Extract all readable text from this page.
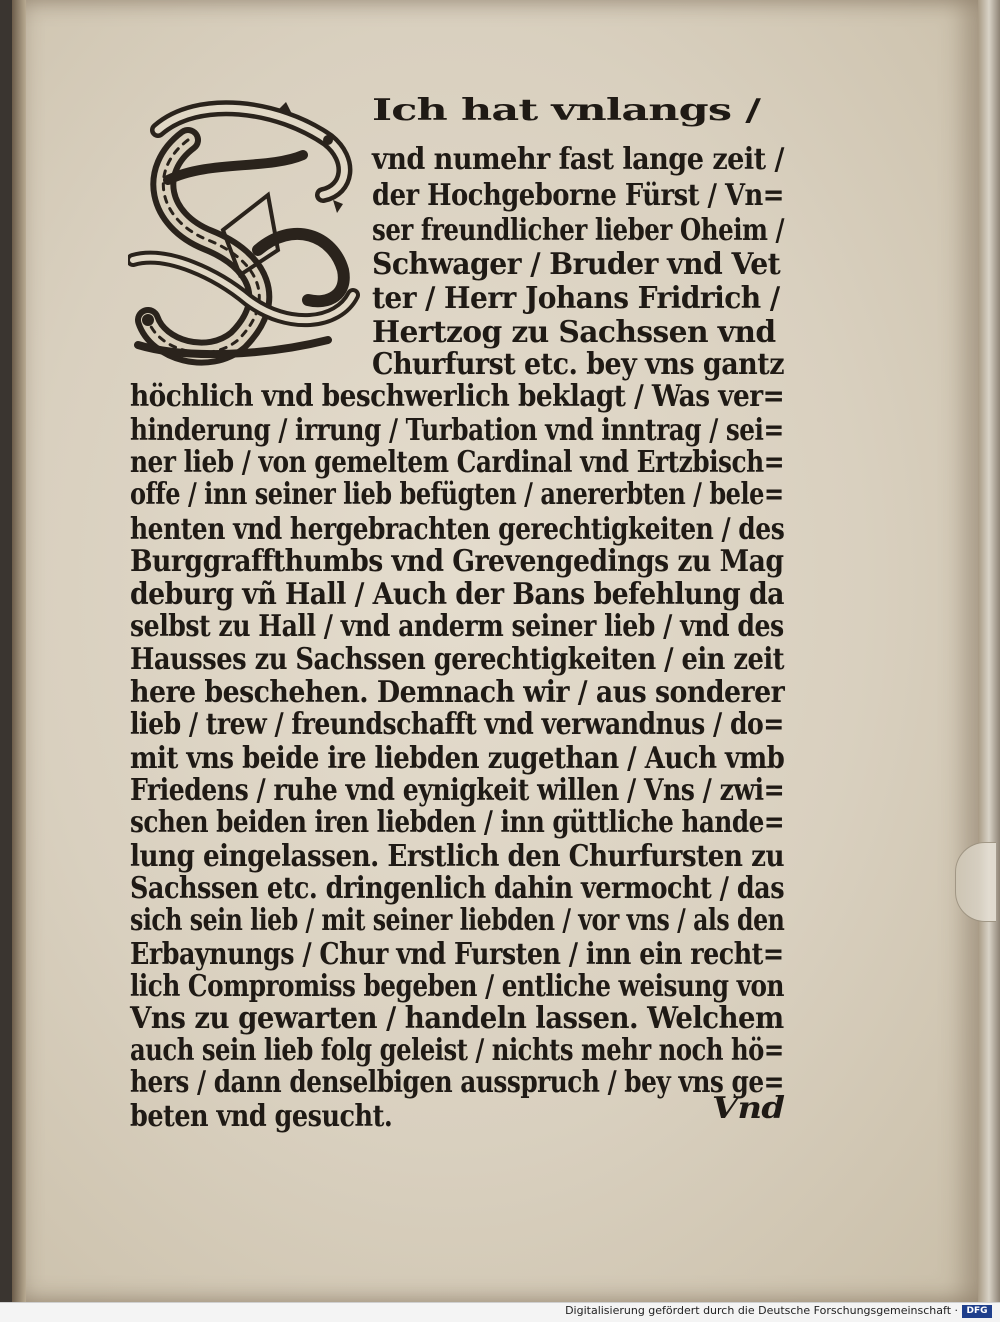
Ich hat vnlangs /
vnd numehr fast lange zeit /
der Hochgeborne Fürst / Vn=
ser freundlicher lieber Oheim /
Schwager / Bruder vnd Vet
ter / Herr Johans Fridrich /
Hertzog zu Sachssen vnd
Churfurst etc. bey vns gantz
höchlich vnd beschwerlich beklagt / Was ver=
hinderung / irrung / Turbation vnd inntrag / sei=
ner lieb / von gemeltem Cardinal vnd Ertzbisch=
offe / inn seiner lieb befügten / anererbten / bele=
henten vnd hergebrachten gerechtigkeiten / des
Burggraffthumbs vnd Grevengedings zu Mag
deburg vñ Hall / Auch der Bans befehlung da
selbst zu Hall / vnd anderm seiner lieb / vnd des
Hausses zu Sachssen gerechtigkeiten / ein zeit
here beschehen. Demnach wir / aus sonderer
lieb / trew / freundschafft vnd verwandnus / do=
mit vns beide ire liebden zugethan / Auch vmb
Friedens / ruhe vnd eynigkeit willen / Vns / zwi=
schen beiden iren liebden / inn güttliche hande=
lung eingelassen. Erstlich den Churfursten zu
Sachssen etc. dringenlich dahin vermocht / das
sich sein lieb / mit seiner liebden / vor vns / als den
Erbaynungs / Chur vnd Fursten / inn ein recht=
lich Compromiss begeben / entliche weisung von
Vns zu gewarten / handeln lassen. Welchem
auch sein lieb folg geleist / nichts mehr noch hö=
hers / dann denselbigen ausspruch / bey vns ge=
beten vnd gesucht.	Vnd
Digitalisierung gefördert durch die Deutsche Forschungsgemeinschaft · DFG
